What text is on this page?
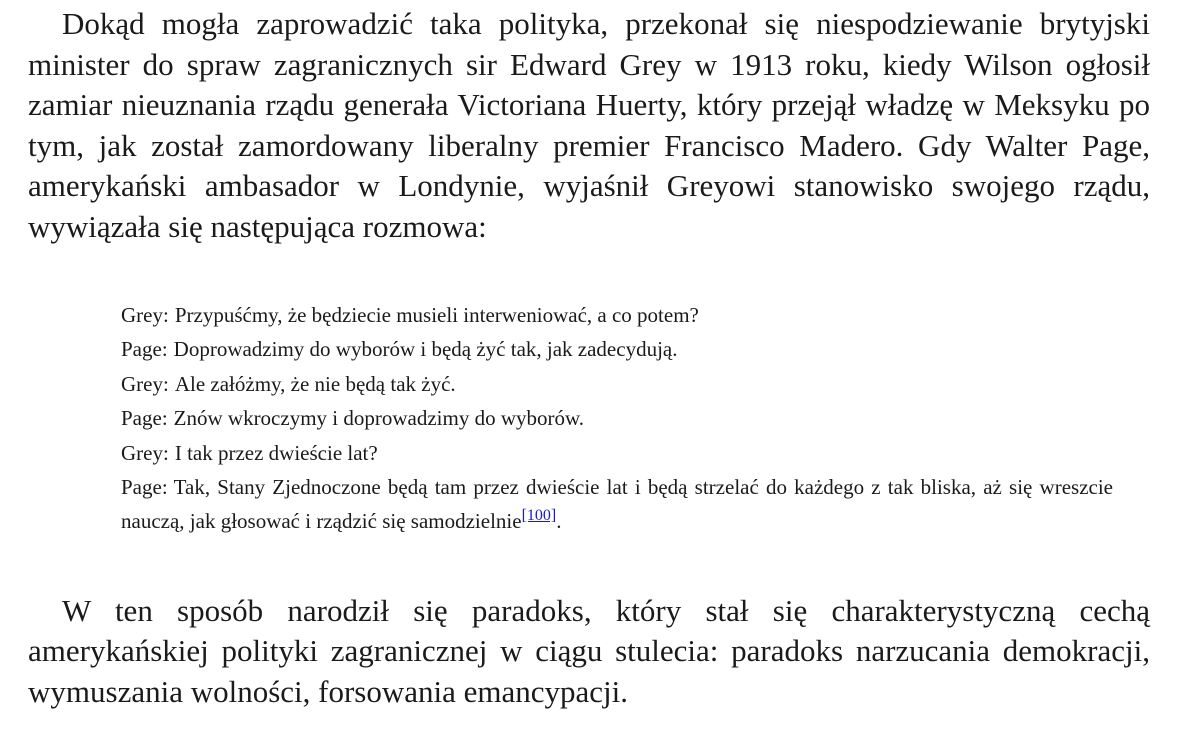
Dokąd mogła zaprowadzić taka polityka, przekonał się niespodziewanie brytyjski minister do spraw zagranicznych sir Edward Grey w 1913 roku, kiedy Wilson ogłosił zamiar nieuznania rządu generała Victoriana Huerty, który przejął władzę w Meksyku po tym, jak został zamordowany liberalny premier Francisco Madero. Gdy Walter Page, amerykański ambasador w Londynie, wyjaśnił Greyowi stanowisko swojego rządu, wywiązała się następująca rozmowa:

Grey: Przypuśćmy, że będziecie musieli interweniować, a co potem?
Page: Doprowadzimy do wyborów i będą żyć tak, jak zadecydują.
Grey: Ale załóżmy, że nie będą tak żyć.
Page: Znów wkroczymy i doprowadzimy do wyborów.
Grey: I tak przez dwieście lat?
Page: Tak, Stany Zjednoczone będą tam przez dwieście lat i będą strzelać do każdego z tak bliska, aż się wreszcie nauczą, jak głosować i rządzić się samodzielnie[100].

W ten sposób narodził się paradoks, który stał się charakterystyczną cechą amerykańskiej polityki zagranicznej w ciągu stulecia: paradoks narzucania demokracji, wymuszania wolności, forsowania emancypacji.
